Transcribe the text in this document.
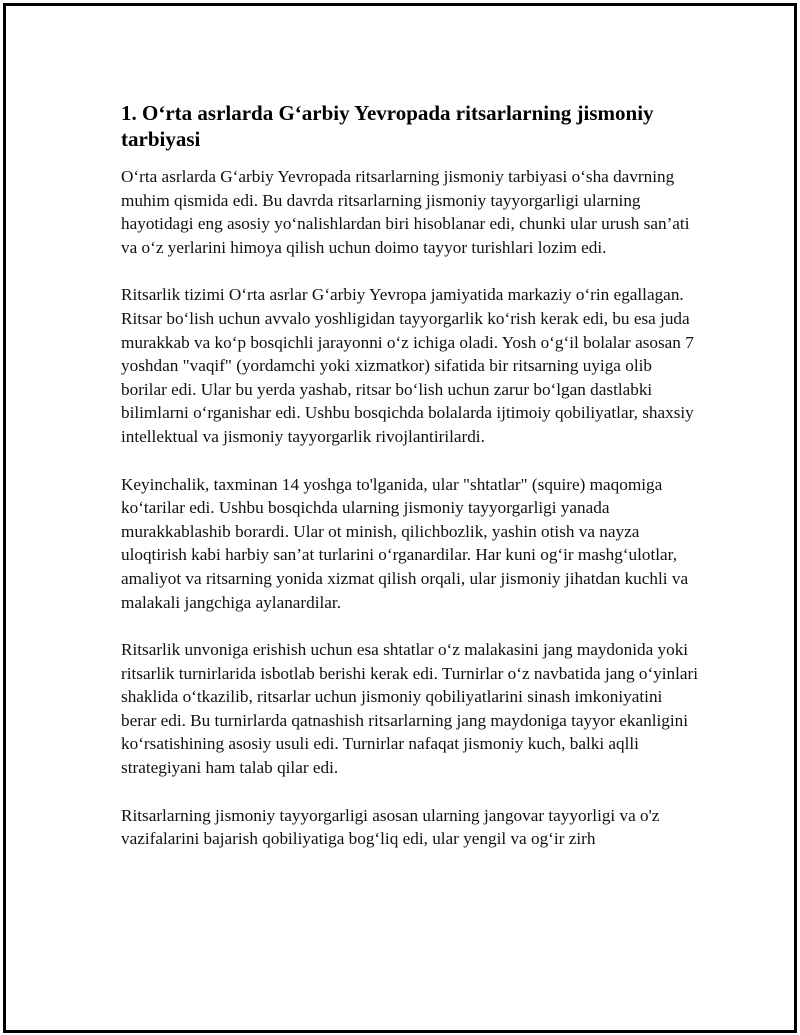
1. O‘rta asrlarda G‘arbiy Yevropada ritsarlarning jismoniy tarbiyasi

O‘rta asrlarda G‘arbiy Yevropada ritsarlarning jismoniy tarbiyasi o‘sha davrning muhim qismida edi. Bu davrda ritsarlarning jismoniy tayyorgarligi ularning hayotidagi eng asosiy yo‘nalishlardan biri hisoblanar edi, chunki ular urush san’ati va o‘z yerlarini himoya qilish uchun doimo tayyor turishlari lozim edi.

Ritsarlik tizimi O‘rta asrlar G‘arbiy Yevropa jamiyatida markaziy o‘rin egallagan. Ritsar bo‘lish uchun avvalo yoshligidan tayyorgarlik ko‘rish kerak edi, bu esa juda murakkab va ko‘p bosqichli jarayonni o‘z ichiga oladi. Yosh o‘g‘il bolalar asosan 7 yoshdan "vaqif" (yordamchi yoki xizmatkor) sifatida bir ritsarning uyiga olib borilar edi. Ular bu yerda yashab, ritsar bo‘lish uchun zarur bo‘lgan dastlabki bilimlarni o‘rganishar edi. Ushbu bosqichda bolalarda ijtimoiy qobiliyatlar, shaxsiy intellektual va jismoniy tayyorgarlik rivojlantirilardi.

Keyinchalik, taxminan 14 yoshga to'lganida, ular "shtatlar" (squire) maqomiga ko‘tarilar edi. Ushbu bosqichda ularning jismoniy tayyorgarligi yanada murakkablashib borardi. Ular ot minish, qilichbozlik, yashin otish va nayza uloqtirish kabi harbiy san’at turlarini o‘rganardilar. Har kuni og‘ir mashg‘ulotlar, amaliyot va ritsarning yonida xizmat qilish orqali, ular jismoniy jihatdan kuchli va malakali jangchiga aylanardilar.

Ritsarlik unvoniga erishish uchun esa shtatlar o‘z malakasini jang maydonida yoki ritsarlik turnirlarida isbotlab berishi kerak edi. Turnirlar o‘z navbatida jang o‘yinlari shaklida o‘tkazilib, ritsarlar uchun jismoniy qobiliyatlarini sinash imkoniyatini berar edi. Bu turnirlarda qatnashish ritsarlarning jang maydoniga tayyor ekanligini ko‘rsatishining asosiy usuli edi. Turnirlar nafaqat jismoniy kuch, balki aqlli strategiyani ham talab qilar edi.

Ritsarlarning jismoniy tayyorgarligi asosan ularning jangovar tayyorligi va o'z vazifalarini bajarish qobiliyatiga bog‘liq edi, ular yengil va og‘ir zirh
